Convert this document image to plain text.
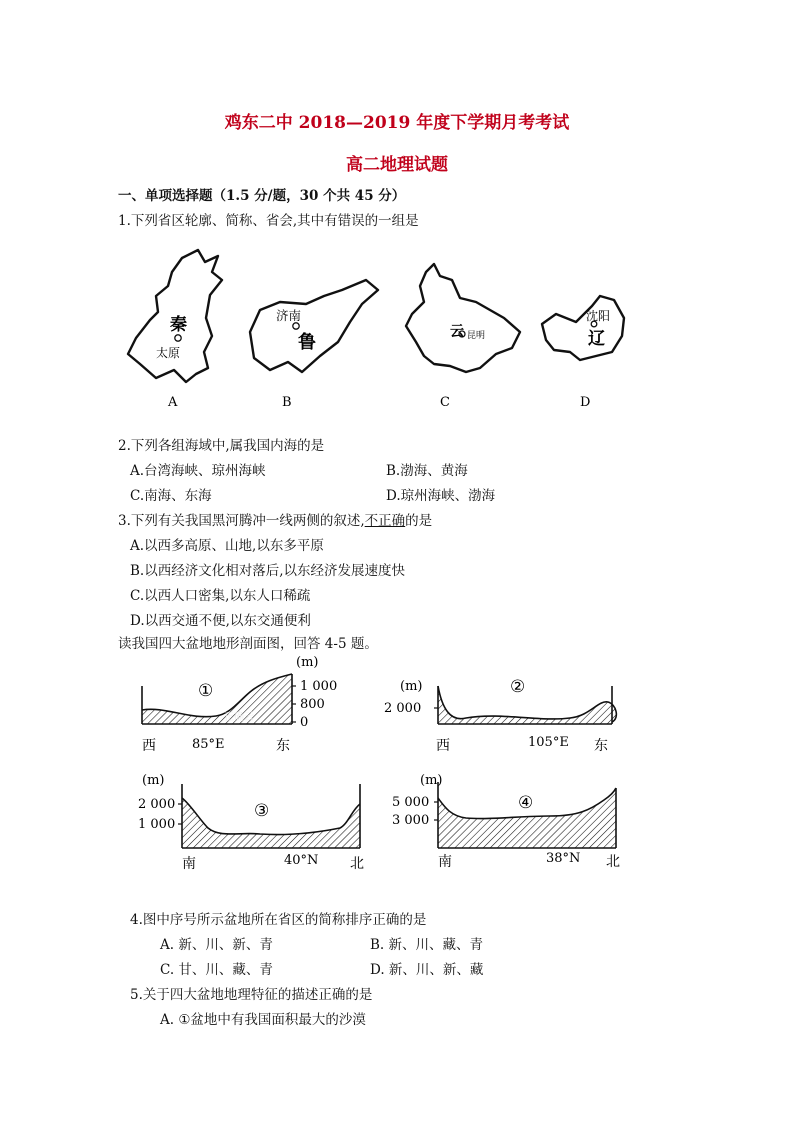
鸡东二中 2018—2019 年度下学期月考考试
高二地理试题
一、单项选择题（1.5 分/题，30 个共 45 分）
1.下列省区轮廓、简称、省会,其中有错误的一组是
秦
太原
A
济南
鲁
B
云 昆明
C
沈阳
辽
D
2.下列各组海域中,属我国内海的是
A.台湾海峡、琼州海峡	B.渤海、黄海
C.南海、东海	D.琼州海峡、渤海
3.下列有关我国黑河腾冲一线两侧的叙述,不正确的是
A.以西多高原、山地,以东多平原
B.以西经济文化相对落后,以东经济发展速度快
C.以西人口密集,以东人口稀疏
D.以西交通不便,以东交通便利
读我国四大盆地地形剖面图，回答 4-5 题。
①
正确云
(m)
1 000
800
0
西	85°E	东
(m)	②
2 000
西	105°E 东
(m)
③
2 000
1 000
南	40°N 北
(m)
④
5 000
3 000
南	38°N 北
4.图中序号所示盆地所在省区的简称排序正确的是
A. 新、川、新、青	B. 新、川、藏、青
C. 甘、川、藏、青	D. 新、川、新、藏
5.关于四大盆地地理特征的描述正确的是
A. ①盆地中有我国面积最大的沙漠
